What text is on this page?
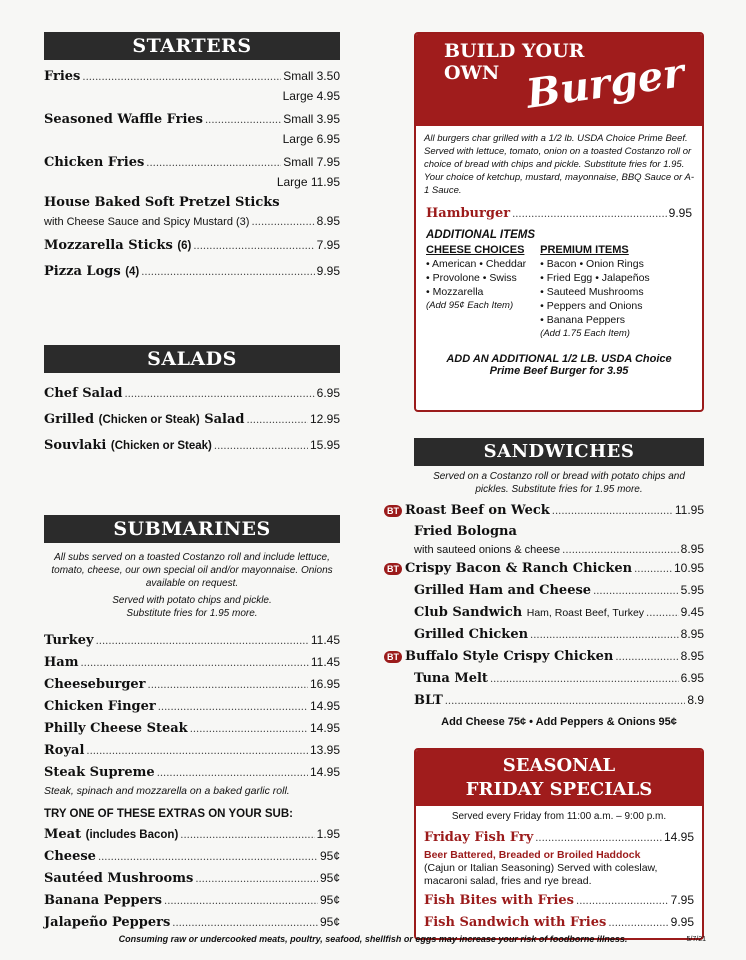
STARTERS
Fries .....	Small 3.50
Large 4.95
Seasoned Waffle Fries .....	Small 3.95
Large 6.95
Chicken Fries .....	Small 7.95
Large 11.95
House Baked Soft Pretzel Sticks
with Cheese Sauce and Spicy Mustard (3) .....	8.95
Mozzarella Sticks (6) .....	7.95
Pizza Logs (4) .....	9.95
SALADS
Chef Salad .....	6.95
Grilled (Chicken or Steak) Salad .....	12.95
Souvlaki (Chicken or Steak) .....	15.95
SUBMARINES
All subs served on a toasted Costanzo roll and include lettuce, tomato, cheese, our own special oil and/or mayonnaise. Onions available on request.
Served with potato chips and pickle. Substitute fries for 1.95 more.
Turkey .....	11.45
Ham .....	11.45
Cheeseburger .....	16.95
Chicken Finger .....	14.95
Philly Cheese Steak .....	14.95
Royal .....	13.95
Steak Supreme .....	14.95
Steak, spinach and mozzarella on a baked garlic roll.
TRY ONE OF THESE EXTRAS ON YOUR SUB:
Meat (includes Bacon) .....	1.95
Cheese .....	95¢
Sautéed Mushrooms .....	95¢
Banana Peppers .....	95¢
Jalapeño Peppers .....	95¢
BUILD YOUR
OWN Burger
All burgers char grilled with a 1/2 lb. USDA Choice Prime Beef. Served with lettuce, tomato, onion on a toasted Costanzo roll or choice of bread with chips and pickle. Substitute fries for 1.95. Your choice of ketchup, mustard, mayonnaise, BBQ Sauce or A-1 Sauce.
Hamburger .....	9.95
ADDITIONAL ITEMS
CHEESE CHOICES
• American • Cheddar
• Provolone • Swiss
• Mozzarella
(Add 95¢ Each Item)
PREMIUM ITEMS
• Bacon • Onion Rings
• Fried Egg • Jalapeños
• Sauteed Mushrooms
• Peppers and Onions
• Banana Peppers
(Add 1.75 Each Item)
ADD AN ADDITIONAL 1/2 LB. USDA Choice
Prime Beef Burger for 3.95
SANDWICHES
Served on a Costanzo roll or bread with potato chips and pickles. Substitute fries for 1.95 more.
BT Roast Beef on Weck .....	11.95
Fried Bologna
with sauteed onions & cheese .....	8.95
BT Crispy Bacon & Ranch Chicken .....	10.95
Grilled Ham and Cheese .....	5.95
Club Sandwich Ham, Roast Beef, Turkey .....	9.45
Grilled Chicken .....	8.95
BT Buffalo Style Crispy Chicken .....	8.95
Tuna Melt .....	6.95
BLT .....	8.9
Add Cheese 75¢ • Add Peppers & Onions 95¢
SEASONAL
FRIDAY SPECIALS
Served every Friday from 11:00 a.m. – 9:00 p.m.
Friday Fish Fry .....	14.95
Beer Battered, Breaded or Broiled Haddock
(Cajun or Italian Seasoning) Served with coleslaw, macaroni salad, fries and rye bread.
Fish Bites with Fries .....	7.95
Fish Sandwich with Fries .....	9.95
Consuming raw or undercooked meats, poultry, seafood, shellfish or eggs may increase your risk of foodborne illness.	5/7/21
